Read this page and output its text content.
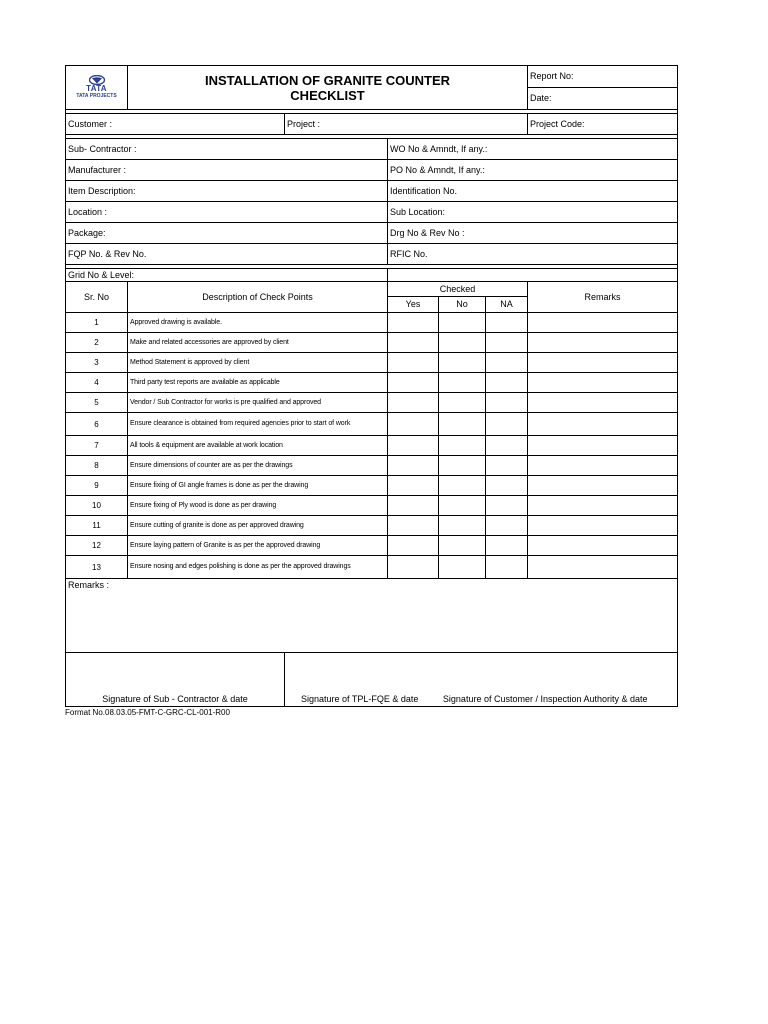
TATA
TATA PROJECTS

INSTALLATION OF GRANITE COUNTER
CHECKLIST
	Report No:
Date:

Customer :	Project :	Project Code:

Sub- Contractor :	WO No & Amndt, If any.:
Manufacturer :	PO No & Amndt, If any.:
Item Description:	Identification No.
Location :	Sub Location:
Package:	Drg No & Rev No :
FQP No. & Rev No.	RFIC No.

Grid No & Level:	
Sr. No	Description of Check Points	Checked			Remarks
		Yes	No	NA	
1	Approved drawing is available.				
2	Make and related accessories are approved by client				
3	Method Statement is approved by client				
4	Third party test reports are available as applicable				
5	Vendor / Sub Contractor for works is pre qualified and approved				
6	Ensure clearance is obtained from required agencies prior to start of work				
7	All tools & equipment are available at work location				
8	Ensure dimensions of counter are as per the drawings				
9	Ensure fixing of GI angle frames is done as per the drawing				
10	Ensure fixing of Ply wood is done as per drawing				
11	Ensure cutting of granite is done as per approved drawing				
12	Ensure laying pattern of Granite is as per the approved drawing				
13	Ensure nosing and edges polishing is done as per the approved drawings				
Remarks :					
Signature of Sub - Contractor & date	Signature of TPL-FQE & date	Signature of Customer / Inspection Authority & date
Format No.08.03.05-FMT-C-GRC-CL-001-R00
